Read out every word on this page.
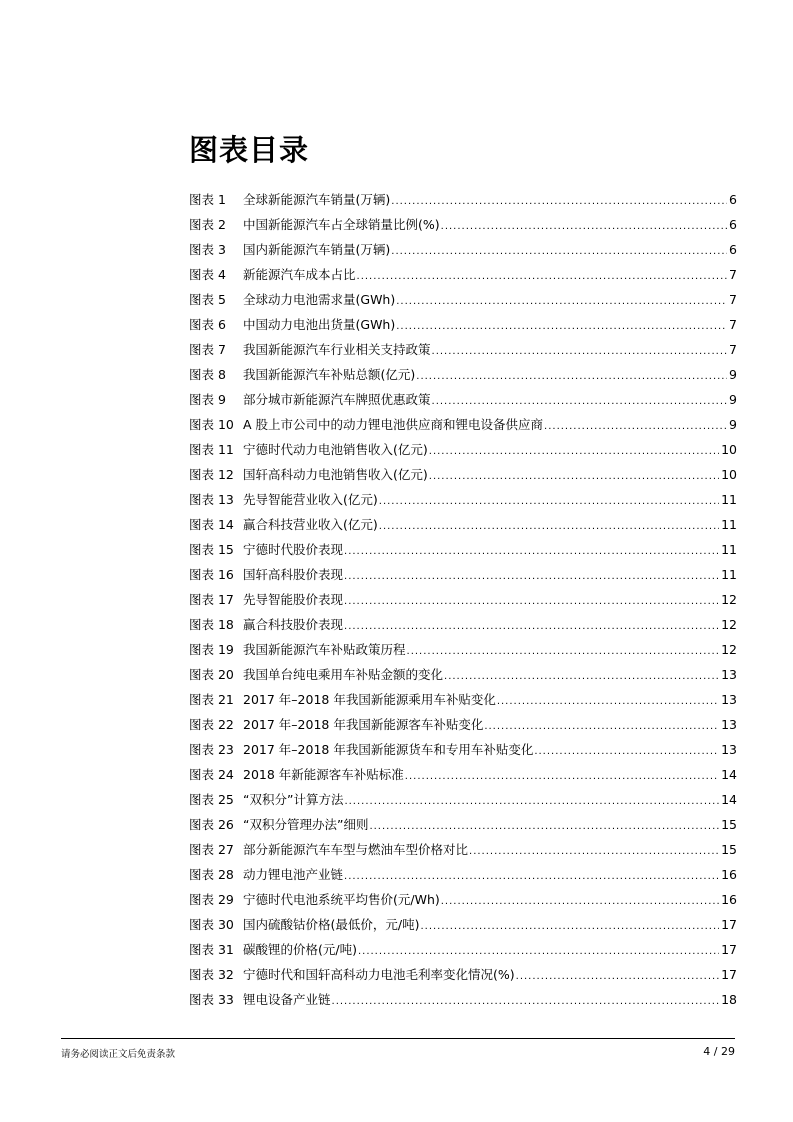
图表目录
图表 1	全球新能源汽车销量(万辆) .....	6
图表 2	中国新能源汽车占全球销量比例(%) .....	6
图表 3	国内新能源汽车销量(万辆) .....	6
图表 4	新能源汽车成本占比 .....	7
图表 5	全球动力电池需求量(GWh) .....	7
图表 6	中国动力电池出货量(GWh) .....	7
图表 7	我国新能源汽车行业相关支持政策 .....	7
图表 8	我国新能源汽车补贴总额(亿元) .....	9
图表 9	部分城市新能源汽车牌照优惠政策 .....	9
图表 10 A 股上市公司中的动力锂电池供应商和锂电设备供应商 .....	9
图表 11 宁德时代动力电池销售收入(亿元) .....	10
图表 12 国轩高科动力电池销售收入(亿元) .....	10
图表 13 先导智能营业收入(亿元) .....	11
图表 14 赢合科技营业收入(亿元) .....	11
图表 15 宁德时代股价表现 .....	11
图表 16 国轩高科股价表现 .....	11
图表 17 先导智能股价表现 .....	12
图表 18 赢合科技股价表现 .....	12
图表 19 我国新能源汽车补贴政策历程 .....	12
图表 20 我国单台纯电乘用车补贴金额的变化 .....	13
图表 21 2017 年–2018 年我国新能源乘用车补贴变化 .....	13
图表 22 2017 年–2018 年我国新能源客车补贴变化 .....	13
图表 23 2017 年–2018 年我国新能源货车和专用车补贴变化 .....	13
图表 24 2018 年新能源客车补贴标准 .....	14
图表 25 “双积分”计算方法 .....	14
图表 26 “双积分管理办法”细则 .....	15
图表 27 部分新能源汽车车型与燃油车型价格对比 .....	15
图表 28 动力锂电池产业链 .....	16
图表 29 宁德时代电池系统平均售价(元/Wh) .....	16
图表 30 国内硫酸钴价格(最低价，元/吨) .....	17
图表 31 碳酸锂的价格(元/吨) .....	17
图表 32 宁德时代和国轩高科动力电池毛利率变化情况(%) .....	17
图表 33 锂电设备产业链 .....	18
请务必阅读正文后免责条款	4 / 29
